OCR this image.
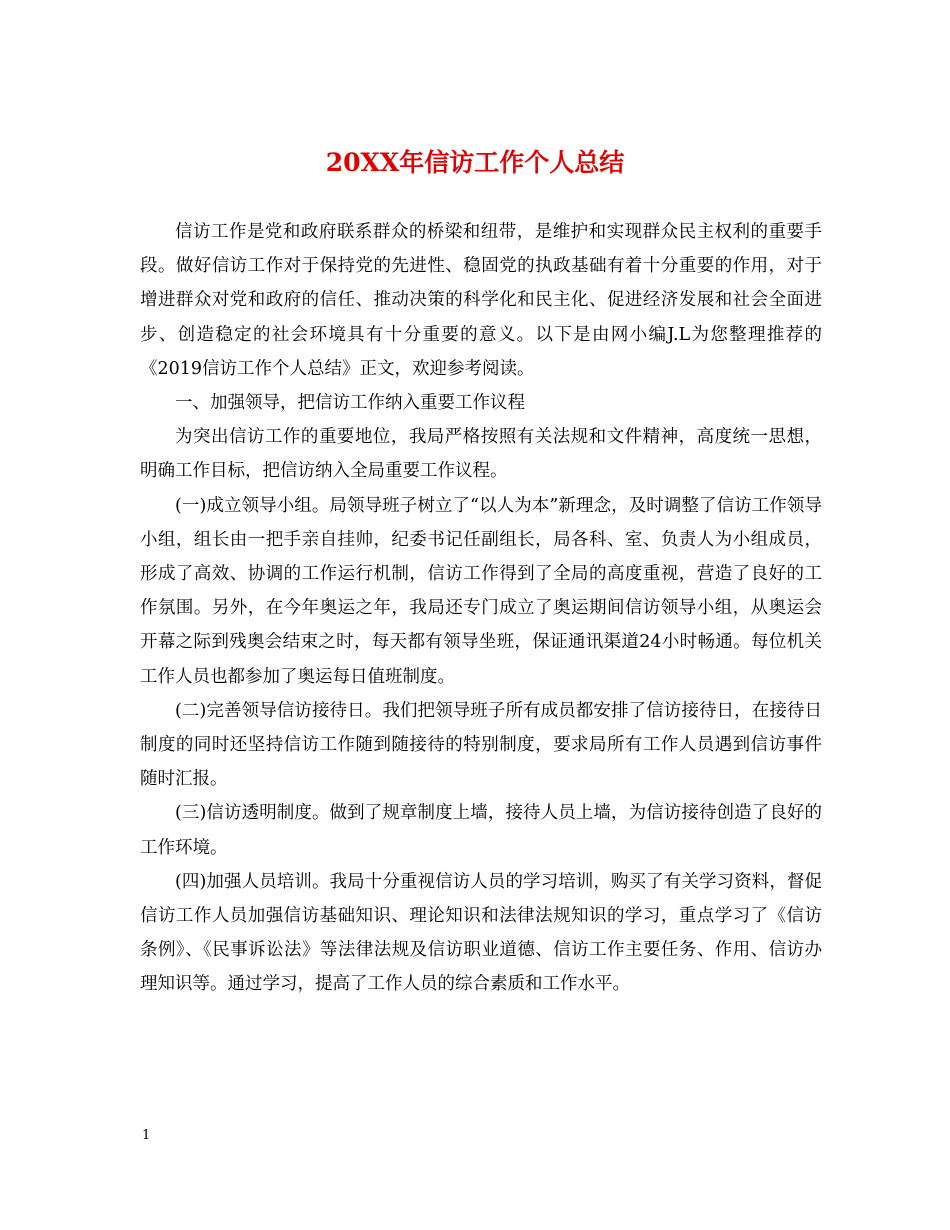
20XX年信访工作个人总结

信访工作是党和政府联系群众的桥梁和纽带，是维护和实现群众民主权利的重要手段。做好信访工作对于保持党的先进性、稳固党的执政基础有着十分重要的作用，对于增进群众对党和政府的信任、推动决策的科学化和民主化、促进经济发展和社会全面进步、创造稳定的社会环境具有十分重要的意义。以下是由网小编J.L为您整理推荐的《2019信访工作个人总结》正文，欢迎参考阅读。

一、加强领导，把信访工作纳入重要工作议程

为突出信访工作的重要地位，我局严格按照有关法规和文件精神，高度统一思想，明确工作目标，把信访纳入全局重要工作议程。

(一)成立领导小组。局领导班子树立了“以人为本”新理念，及时调整了信访工作领导小组，组长由一把手亲自挂帅，纪委书记任副组长，局各科、室、负责人为小组成员，形成了高效、协调的工作运行机制，信访工作得到了全局的高度重视，营造了良好的工作氛围。另外，在今年奥运之年，我局还专门成立了奥运期间信访领导小组，从奥运会开幕之际到残奥会结束之时，每天都有领导坐班，保证通讯渠道24小时畅通。每位机关工作人员也都参加了奥运每日值班制度。

(二)完善领导信访接待日。我们把领导班子所有成员都安排了信访接待日，在接待日制度的同时还坚持信访工作随到随接待的特别制度，要求局所有工作人员遇到信访事件随时汇报。

(三)信访透明制度。做到了规章制度上墙，接待人员上墙，为信访接待创造了良好的工作环境。

(四)加强人员培训。我局十分重视信访人员的学习培训，购买了有关学习资料，督促信访工作人员加强信访基础知识、理论知识和法律法规知识的学习，重点学习了《信访条例》、《民事诉讼法》等法律法规及信访职业道德、信访工作主要任务、作用、信访办理知识等。通过学习，提高了工作人员的综合素质和工作水平。

1
